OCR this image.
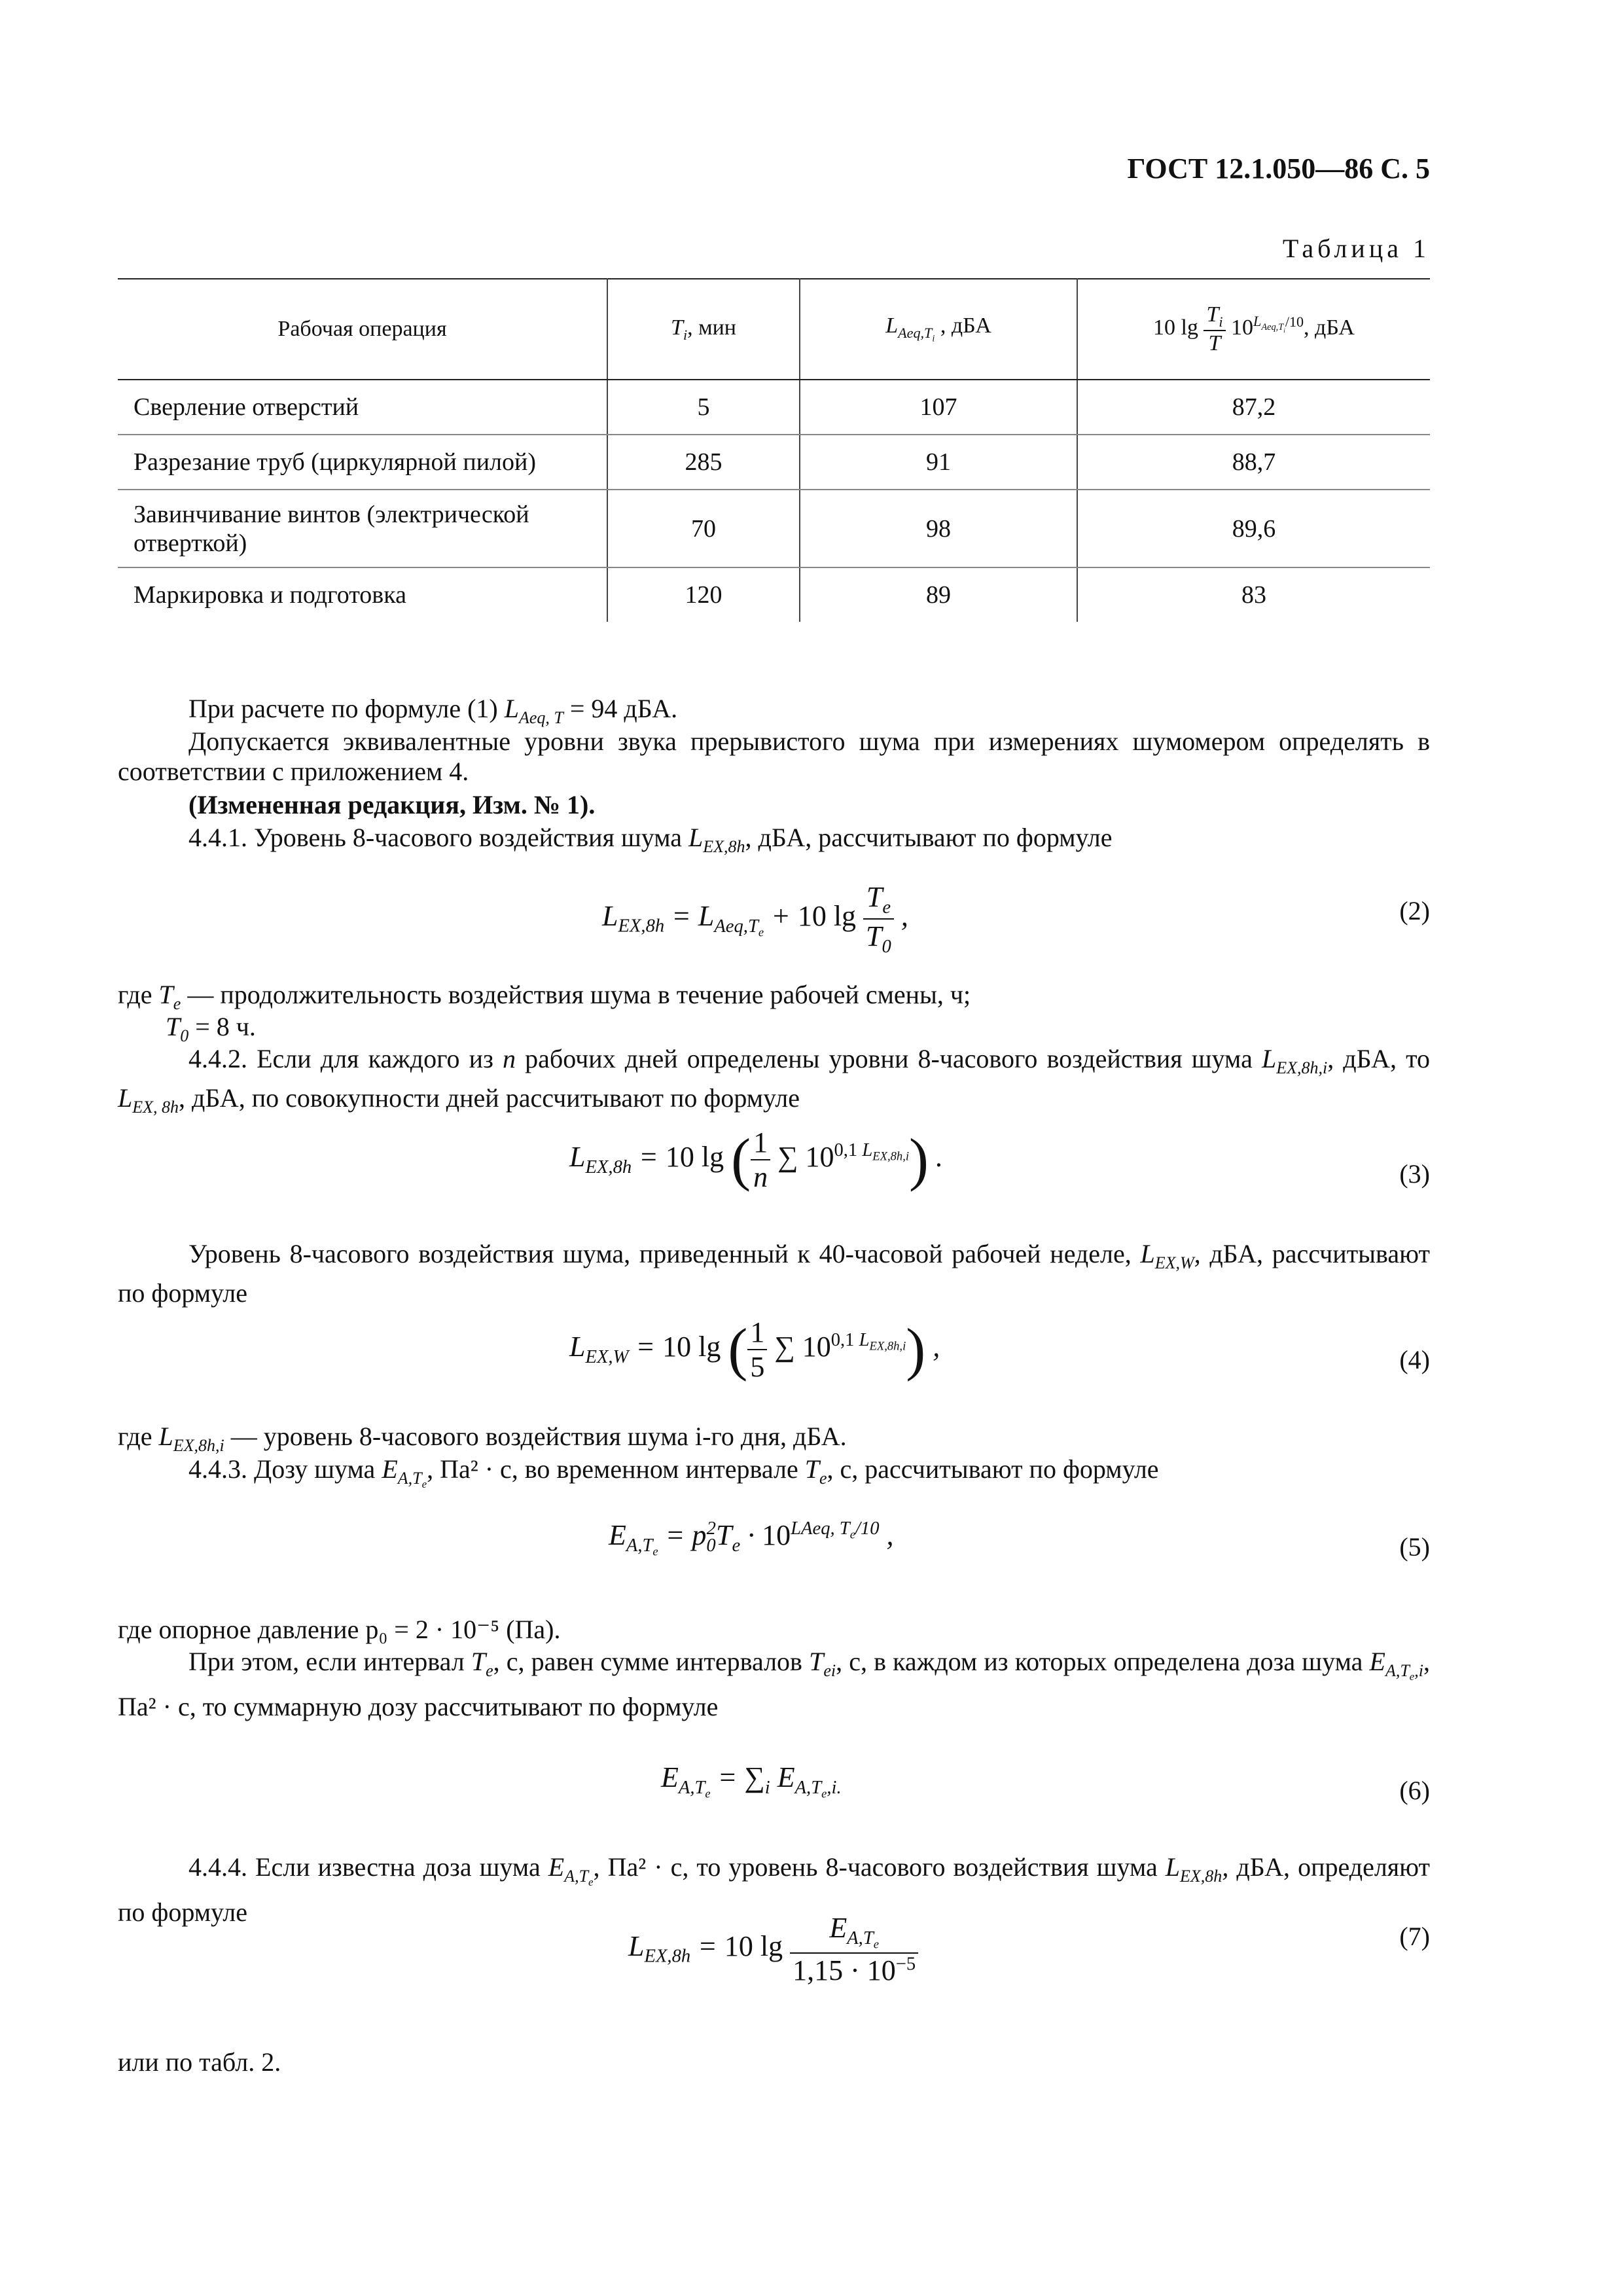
ГОСТ 12.1.050—86 С. 5
Таблица 1
Рабочая операция	$T_i$, мин	$L_{Aeq,T_i}$ , дБА	10 $\lg \frac{T_i}{T} 10^{L_{Aeq,T_i}/10}$, дБА
Сверление отверстий	5	107	87,2
Разрезание труб (циркулярной пилой)	285	91	88,7
Завинчивание винтов (электрической отверткой)	70	98	89,6
Маркировка и подготовка	120	89	83
При расчете по формуле (1) $L_{Aeq, T} = 94$ дБА.
Допускается эквивалентные уровни звука прерывистого шума при измерениях шумомером определять в соответствии с приложением 4.
(Измененная редакция, Изм. № 1).
4.4.1. Уровень 8-часового воздействия шума $L_{EX,8h}$, дБА, рассчитывают по формуле
$L_{EX,8h} = L_{Aeq,T_e} + 10$ $\lg \frac{T_e}{T_0}$ ,	(2)
где $T_e$ — продолжительность воздействия шума в течение рабочей смены, ч;
$T_0 = 8$ ч.
4.4.2. Если для каждого из n рабочих дней определены уровни 8-часового воздействия шума $L_{EX,8h,i}$, дБА, то $L_{EX, 8h}$, дБА, по совокупности дней рассчитывают по формуле
$L_{EX,8h} = 10$ lg ( $\frac{1}{n}$ ∑ $10^{0,1 L_{EX,8h,i}}$) .
(3)
Уровень 8-часового воздействия шума, приведенный к 40-часовой рабочей неделе, $L_{EX,W}$, дБА, рассчитывают по формуле
$L_{EX,W} = 10$ lg ( $\frac{1}{5}$ ∑ $10^{0,1 L_{EX,8h,i}}$) ,	(4)
где $L_{EX,8h,i}$ — уровень 8-часового воздействия шума i-го дня, дБА.
4.4.3. Дозу шума $E_{A,T_e}$, Па² · с, во временном интервале $T_e$, с, рассчитывают по формуле
$E_{A,T_e} = p_0^2T_e \cdot 10^{LAeq, T_e/10}$ ,	(5)
где опорное давление p₀ = 2 · 10⁻⁵ (Па).
При этом, если интервал $T_e$, с, равен сумме интервалов $T_{ei}$, с, в каждом из которых определена доза шума $E_{A,T_e,i}$, Па² · с, то суммарную дозу рассчитывают по формуле
$E_{A,T_e} = \sum_i$ $E_{A,T_e,i.}$	(6)
4.4.4. Если известна доза шума $E_{A,T_e}$, Па² · с, то уровень 8-часового воздействия шума $L_{EX,8h}$, дБА, определяют по формуле
$L_{EX,8h} = 10$ $\lg \frac{E_{A,T_e}}{1,15 \cdot 10^{-5}}$	(7)
или по табл. 2.
